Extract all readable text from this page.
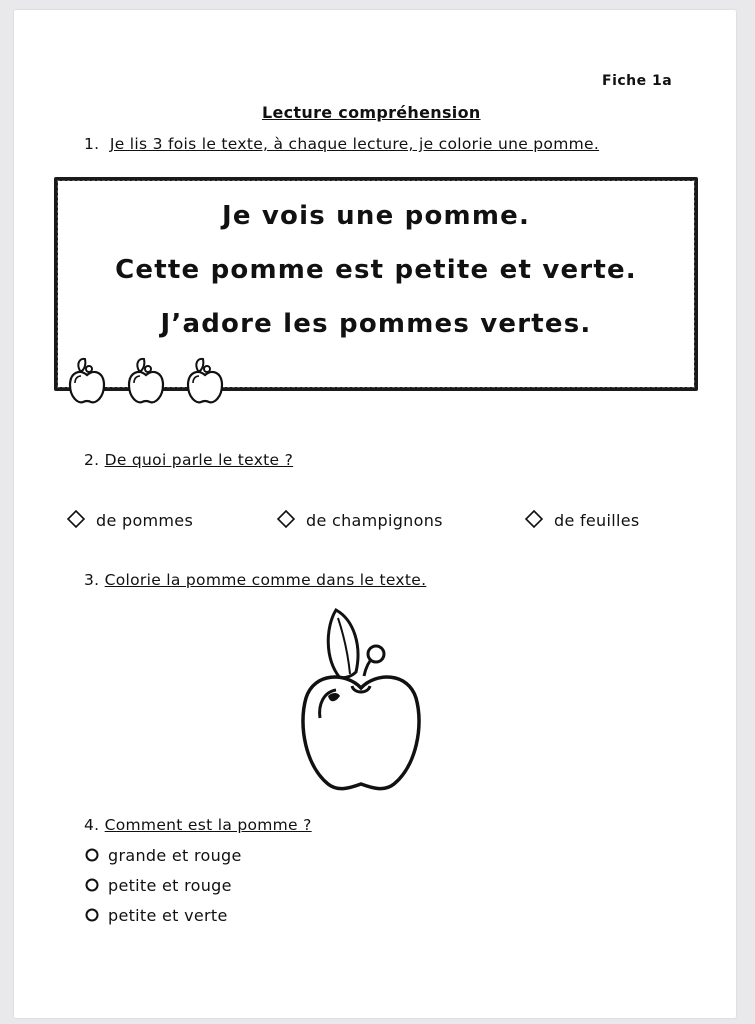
Fiche 1a
Lecture compréhension
1. Je lis 3 fois le texte, à chaque lecture, je colorie une pomme.
Je vois une pomme.
Cette pomme est petite et verte.
J’adore les pommes vertes.

2. De quoi parle le texte ?
de pommes	de champignons	de feuilles
3. Colorie la pomme comme dans le texte.
4. Comment est la pomme ?
grande et rouge
petite et rouge
petite et verte
